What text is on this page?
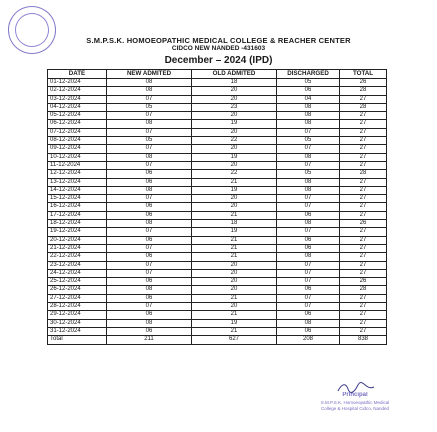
S.M.P.S.K. HOMOEOPATHIC MEDICAL COLLEGE & REACHER CENTER
CIDCO NEW NANDED -431603
December – 2024 (IPD)
DATE	NEW ADMITED	OLD ADMITED	DISCHARGED	TOTAL
01-12-2024	08	18	05	26
02-12-2024	08	20	06	28
03-12-2024	07	20	04	27
04-12-2024	05	23	08	28
05-12-2024	07	20	08	27
06-12-2024	08	19	08	27
07-12-2024	07	20	07	27
08-12-2024	05	22	05	27
09-12-2024	07	20	07	27
10-12-2024	08	19	08	27
11-12-2024	07	20	07	27
12-12-2024	06	22	05	28
13-12-2024	06	21	08	27
14-12-2024	08	19	08	27
15-12-2024	07	20	07	27
16-12-2024	06	20	07	27
17-12-2024	06	21	06	27
18-12-2024	08	18	08	26
19-12-2024	07	19	07	27
20-12-2024	06	21	06	27
21-12-2024	07	21	06	27
22-12-2024	06	21	08	27
23-12-2024	07	20	07	27
24-12-2024	07	20	07	27
25-12-2024	06	20	07	26
26-12-2024	08	20	06	28
27-12-2024	06	21	07	27
28-12-2024	07	20	07	27
29-12-2024	06	21	06	27
30-12-2024	08	19	08	27
31-12-2024	06	21	06	27
Total	211	627	208	838
Principal
S.M.P.S.K. Homoeopathic Medical
College & Hospital Cidco, Nanded
